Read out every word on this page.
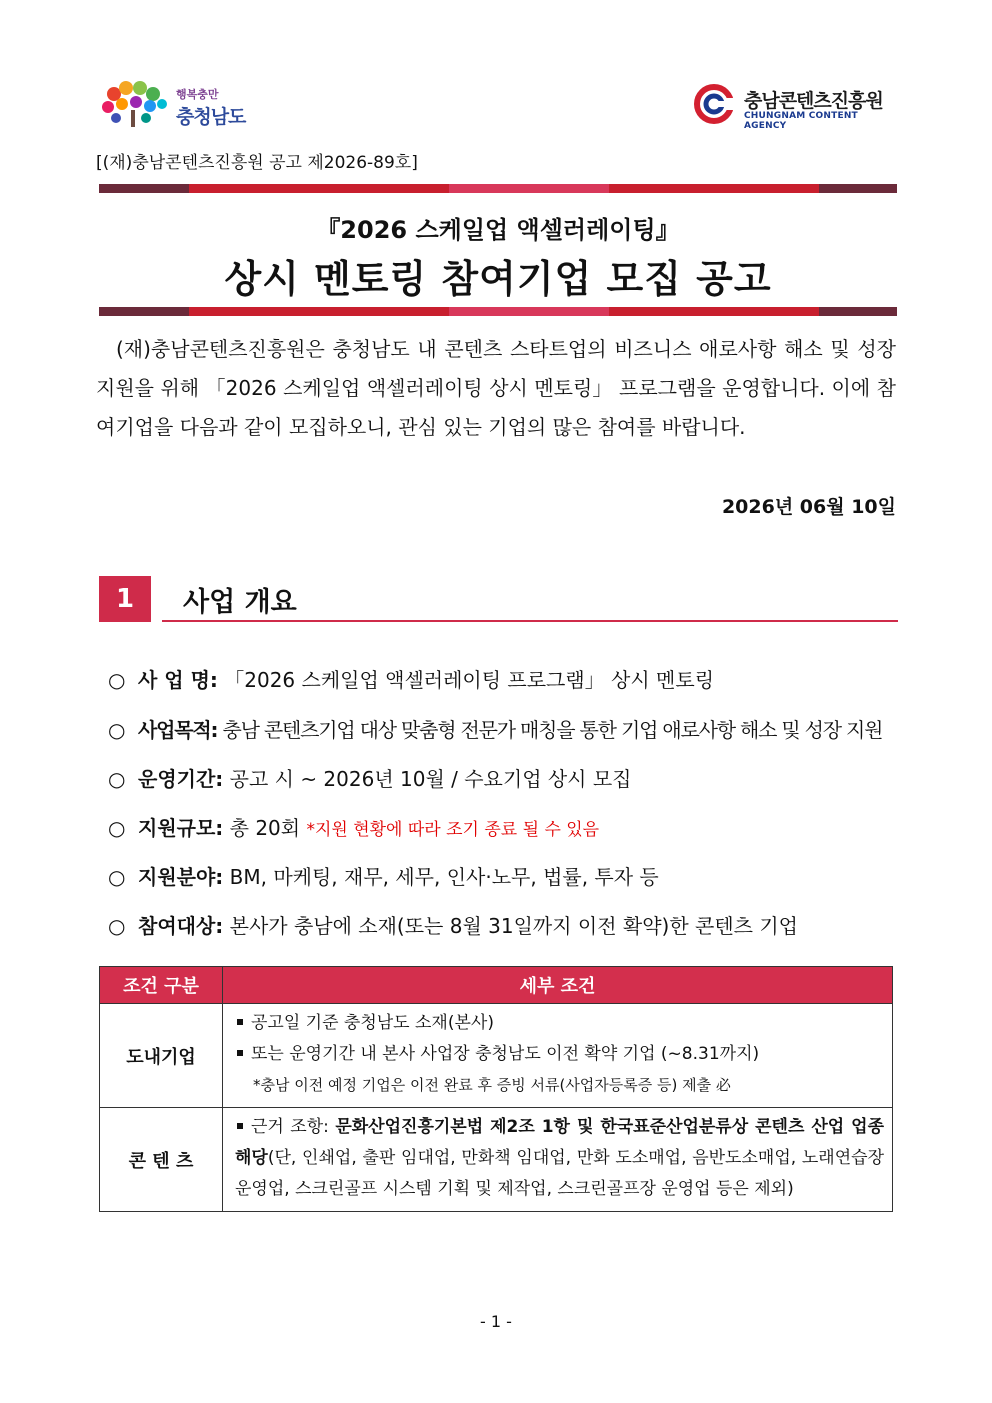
행복충만
충청남도
충남콘텐츠진흥원
CHUNGNAM CONTENT AGENCY
[(재)충남콘텐츠진흥원 공고 제2026-89호]
『2026 스케일업 액셀러레이팅』
상시 멘토링 참여기업 모집 공고
(재)충남콘텐츠진흥원은 충청남도 내 콘텐츠 스타트업의 비즈니스 애로사항 해소 및 성장 지원을 위해 「2026 스케일업 액셀러레이팅 상시 멘토링」 프로그램을 운영합니다. 이에 참여기업을 다음과 같이 모집하오니, 관심 있는 기업의 많은 참여를 바랍니다.
2026년 06월 10일
1	사업 개요
○ 사 업 명: 「2026 스케일업 액셀러레이팅 프로그램」 상시 멘토링
○ 사업목적: 충남 콘텐츠기업 대상 맞춤형 전문가 매칭을 통한 기업 애로사항 해소 및 성장 지원
○ 운영기간: 공고 시 ~ 2026년 10월 / 수요기업 상시 모집
○ 지원규모: 총 20회 *지원 현황에 따라 조기 종료 될 수 있음
○ 지원분야: BM, 마케팅, 재무, 세무, 인사·노무, 법률, 투자 등
○ 참여대상: 본사가 충남에 소재(또는 8월 31일까지 이전 확약)한 콘텐츠 기업
조건 구분	세부 조건
도내기업	공고일 기준 충청남도 소재(본사)
또는 운영기간 내 본사 사업장 충청남도 이전 확약 기업 (~8.31까지)
*충남 이전 예정 기업은 이전 완료 후 증빙 서류(사업자등록증 등) 제출 必

콘 텐 츠	근거 조항: 문화산업진흥기본법 제2조 1항 및 한국표준산업분류상 콘텐츠 산업 업종 해당(단, 인쇄업, 출판 임대업, 만화책 임대업, 만화 도소매업, 음반도소매업, 노래연습장 운영업, 스크린골프 시스템 기획 및 제작업, 스크린골프장 운영업 등은 제외)
- 1 -
